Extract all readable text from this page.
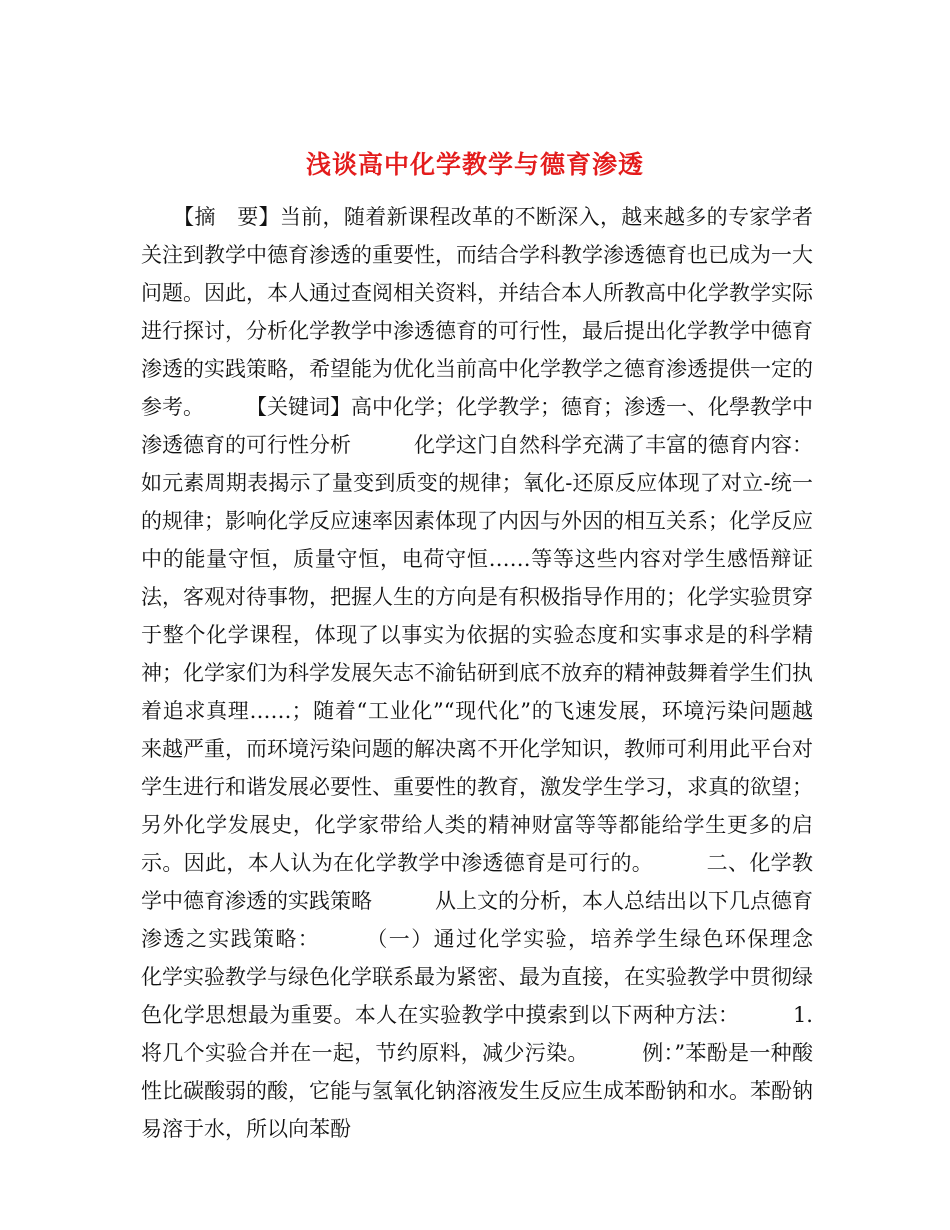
浅谈高中化学教学与德育渗透

　　【摘　要】当前，随着新课程改革的不断深入，越来越多的专家学者关注到教学中德育渗透的重要性，而结合学科教学渗透德育也已成为一大问题。因此，本人通过查阅相关资料，并结合本人所教高中化学教学实际进行探讨，分析化学教学中渗透德育的可行性，最后提出化学教学中德育渗透的实践策略，希望能为优化当前高中化学教学之德育渗透提供一定的参考。　　　【关键词】高中化学；化学教学；德育；渗透一、化學教学中渗透德育的可行性分析　　　化学这门自然科学充满了丰富的德育内容：如元素周期表揭示了量变到质变的规律；氧化-还原反应体现了对立-统一的规律；影响化学反应速率因素体现了内因与外因的相互关系；化学反应中的能量守恒，质量守恒，电荷守恒……等等这些内容对学生感悟辩证法，客观对待事物，把握人生的方向是有积极指导作用的；化学实验贯穿于整个化学课程，体现了以事实为依据的实验态度和实事求是的科学精神；化学家们为科学发展矢志不渝钻研到底不放弃的精神鼓舞着学生们执着追求真理……；随着“工业化”“现代化”的飞速发展，环境污染问题越来越严重，而环境污染问题的解决离不开化学知识，教师可利用此平台对学生进行和谐发展必要性、重要性的教育，激发学生学习，求真的欲望；另外化学发展史，化学家带给人类的精神财富等等都能给学生更多的启示。因此，本人认为在化学教学中渗透德育是可行的。　　　二、化学教学中德育渗透的实践策略　　　从上文的分析，本人总结出以下几点德育渗透之实践策略：　　　（一）通过化学实验，培养学生绿色环保理念　　　化学实验教学与绿色化学联系最为紧密、最为直接，在实验教学中贯彻绿色化学思想最为重要。本人在实验教学中摸索到以下两种方法：　　　1.将几个实验合并在一起，节约原料，减少污染。　　　例：”苯酚是一种酸性比碳酸弱的酸，它能与氢氧化钠溶液发生反应生成苯酚钠和水。苯酚钠易溶于水，所以向苯酚
